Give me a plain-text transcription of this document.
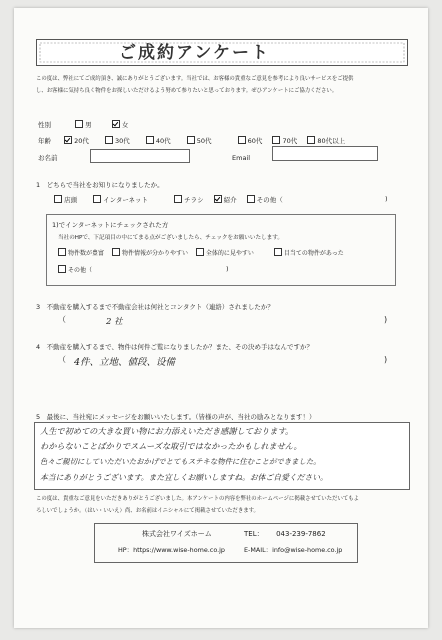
ご成約アンケート
この度は、弊社にてご成約頂き、誠にありがとうございます。当社では、お客様の貴重なご意見を参考により良いサービスをご提供
し、お客様に気持ち良く物件をお探しいただけるよう努めて参りたいと思っております。ぜひアンケートにご協力ください。
性別	男	女
年齢	20代	30代	40代	50代	60代	70代	80代以上
お名前	Email
1　どちらで当社をお知りになりましたか。
店頭	インターネット	チラシ	紹介	その他（	)
1)でインターネットにチェックされた方
当社のHPで、下記項目の中にてまる点がございましたら、チェックをお願いいたします。
物件数が豊富	物件情報が分かりやすい	全体的に見やすい	目当ての物件があった
その他（	)
3　不動産を購入するまで不動産会社は何社とコンタクト（連絡）されましたか？
（	2 社	)
4　不動産を購入するまで、物件は何件ご覧になりましたか？また、その決め手はなんですか？
（ 4件、立地、値段、设備	)
5　最後に、当社宛にメッセージをお願いいたします。（皆様の声が、当社の励みとなります！）
人生で初めての大きな買い物にお力添えいただき感謝しております。
わからないことばかりでスムーズな取引ではなかったかもしれません。
色々ご親切にしていただいたおかげでとてもステキな物件に住むことができました。
本当にありがとうございます。また宜しくお願いしますね。お体ご自愛ください。
この度は、貴重なご意見をいただきありがとうございました。本アンケートの内容を弊社のホームページに掲載させていただいてもよ
ろしいでしょうか。（はい・いいえ）尚、お名前はイニシャルにて掲載させていただきます。
株式会社ワイズホーム	TEL： 043-239-7862
HP：https://www.wise-home.co.jp	E-MAIL：info@wise-home.co.jp
